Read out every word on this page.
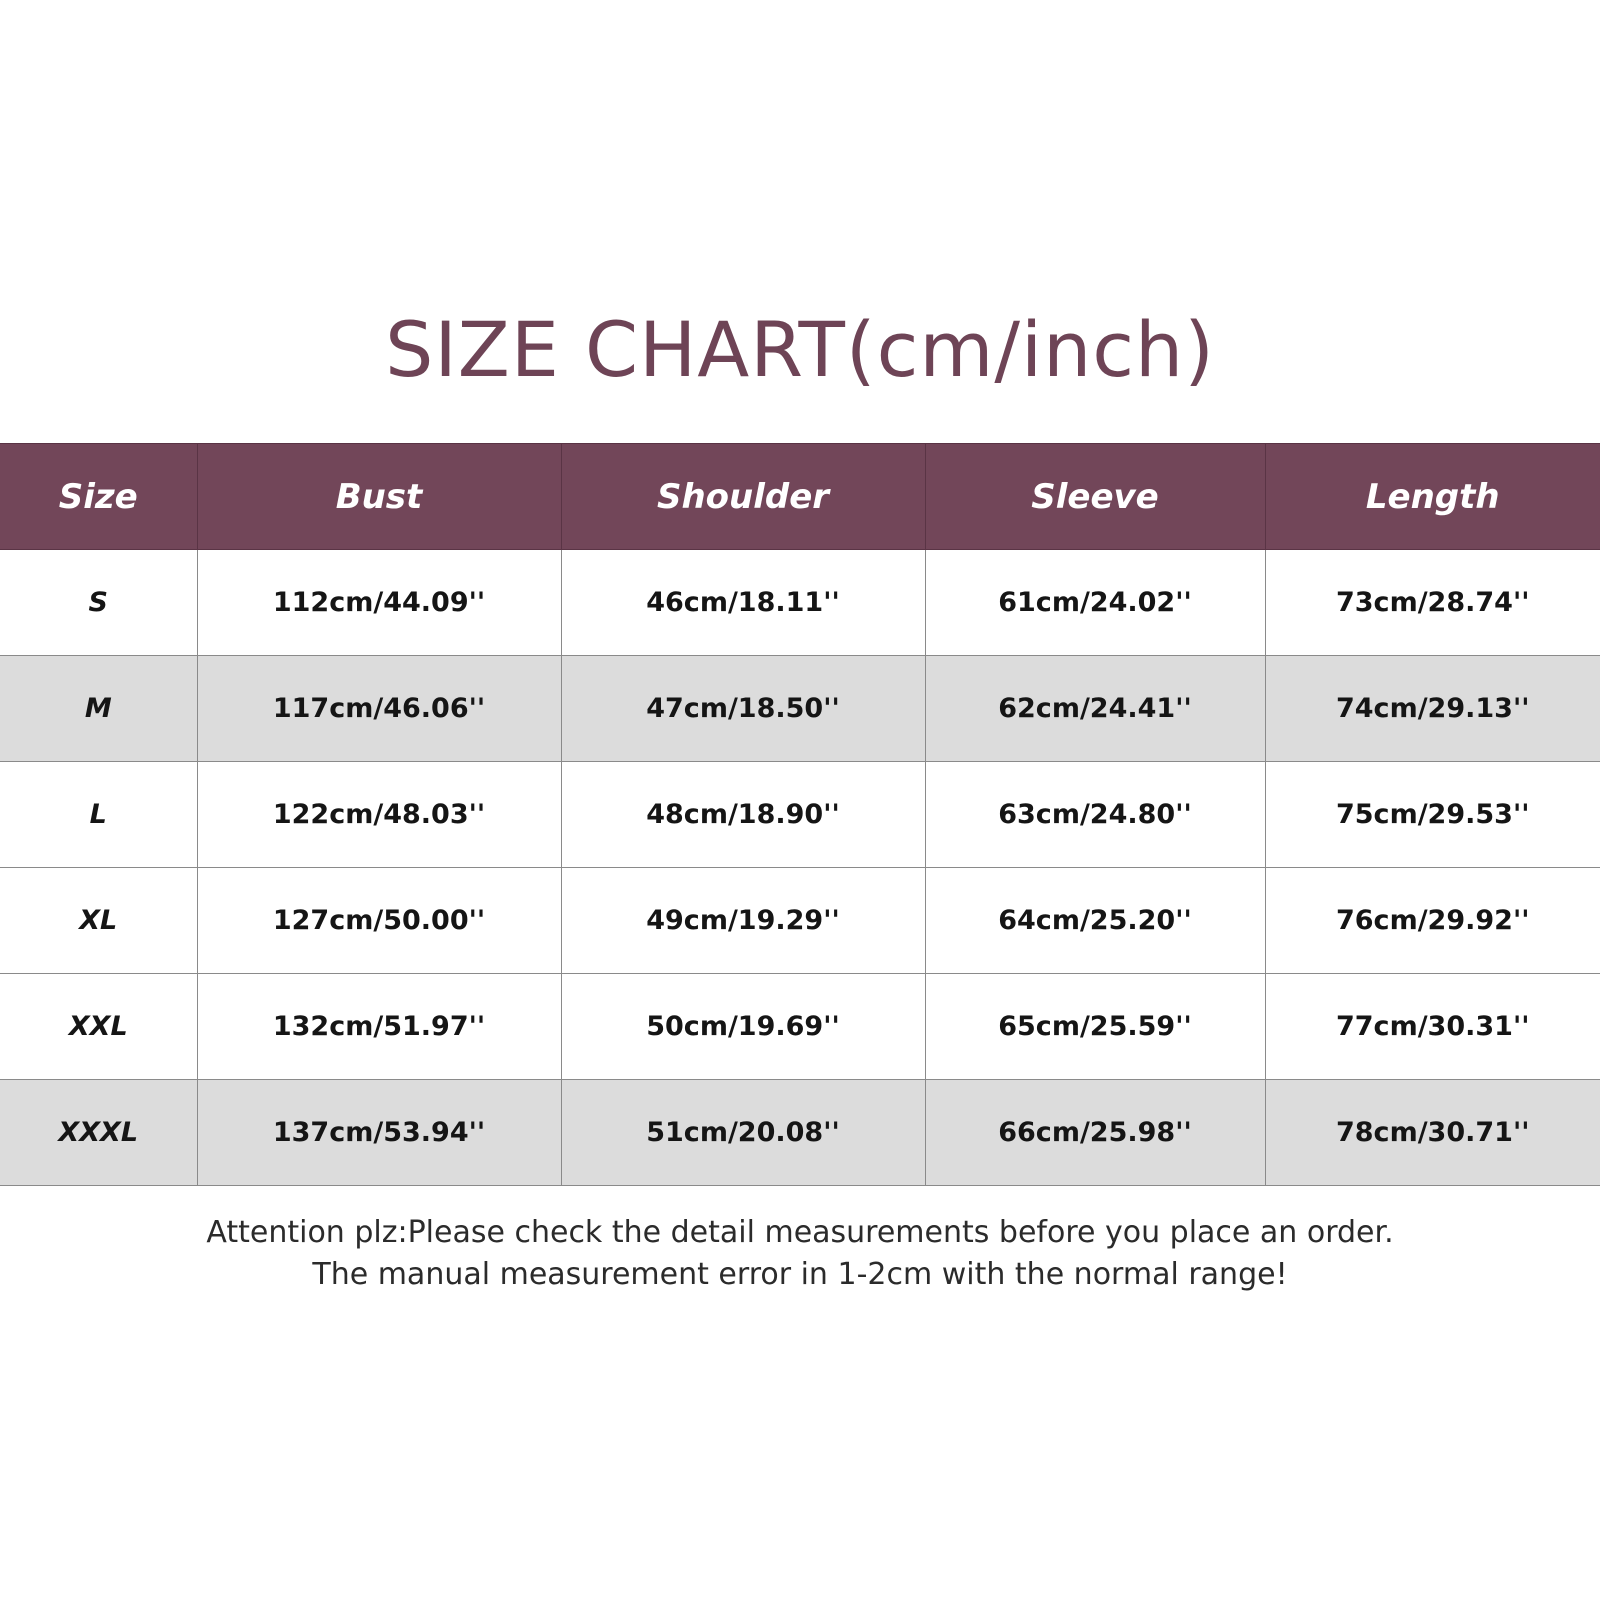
SIZE CHART(cm/inch)
Size	Bust	Shoulder	Sleeve	Length
S	112cm/44.09''	46cm/18.11''	61cm/24.02''	73cm/28.74''
M	117cm/46.06''	47cm/18.50''	62cm/24.41''	74cm/29.13''
L	122cm/48.03''	48cm/18.90''	63cm/24.80''	75cm/29.53''
XL	127cm/50.00''	49cm/19.29''	64cm/25.20''	76cm/29.92''
XXL	132cm/51.97''	50cm/19.69''	65cm/25.59''	77cm/30.31''
XXXL	137cm/53.94''	51cm/20.08''	66cm/25.98''	78cm/30.71''
Attention plz:Please check the detail measurements before you place an order.
The manual measurement error in 1-2cm with the normal range!
